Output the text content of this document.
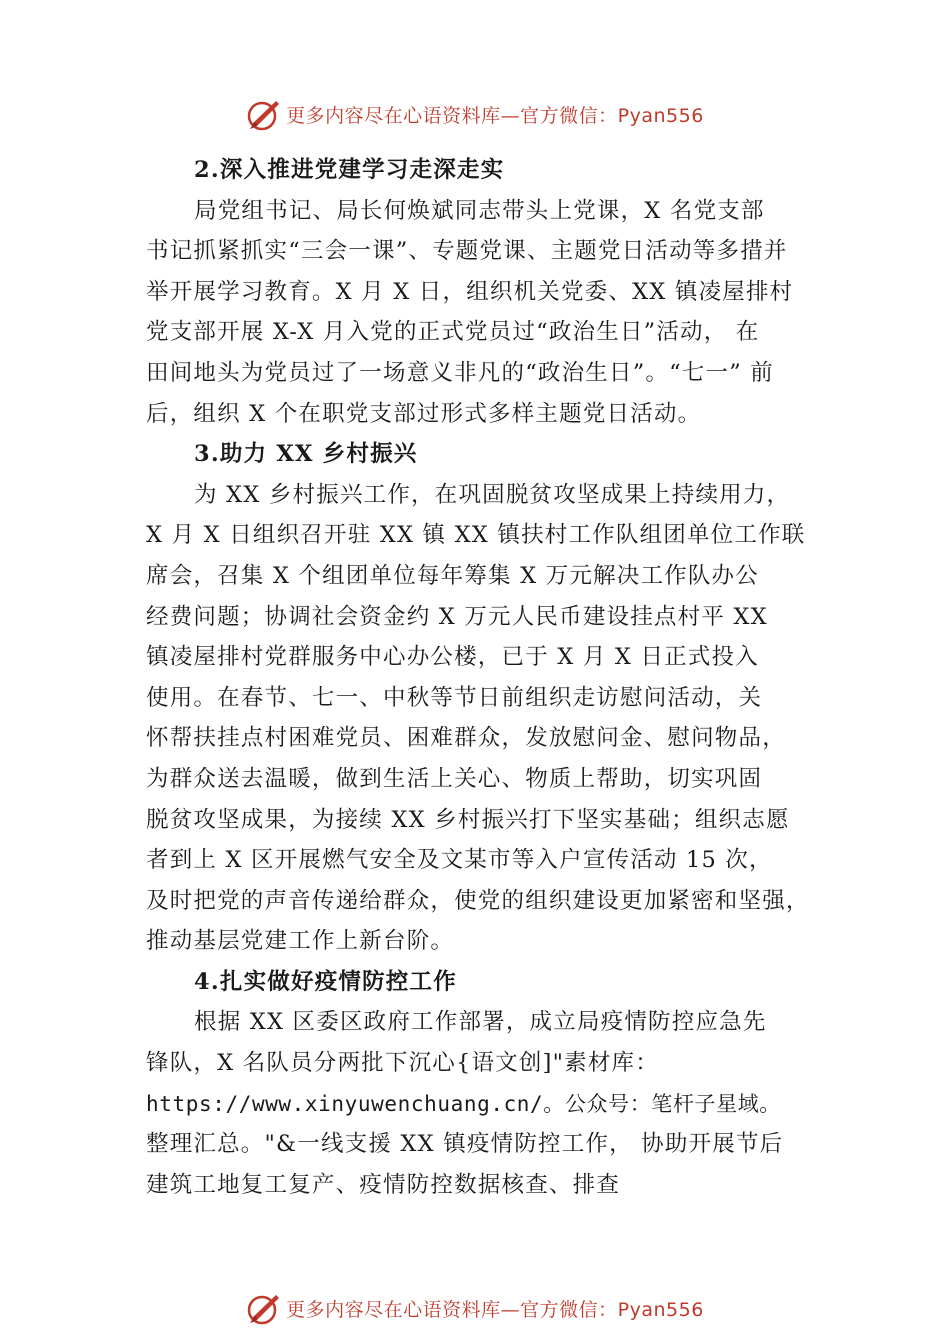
更多内容尽在心语资料库—官方微信：Pyan556
2.深入推进党建学习走深走实
局党组书记、局长何焕斌同志带头上党课，X 名党支部
书记抓紧抓实“三会一课”、专题党课、主题党日活动等多措并
举开展学习教育。X 月 X 日，组织机关党委、XX 镇凌屋排村
党支部开展 X-X 月入党的正式党员过“政治生日”活动， 在
田间地头为党员过了一场意义非凡的“政治生日”。“七一” 前
后，组织 X 个在职党支部过形式多样主题党日活动。
3.助力 XX 乡村振兴
为 XX 乡村振兴工作，在巩固脱贫攻坚成果上持续用力，
X 月 X 日组织召开驻 XX 镇 XX 镇扶村工作队组团单位工作联
席会，召集 X 个组团单位每年筹集 X 万元解决工作队办公
经费问题；协调社会资金约 X 万元人民币建设挂点村平 XX
镇凌屋排村党群服务中心办公楼，已于 X 月 X 日正式投入
使用。在春节、七一、中秋等节日前组织走访慰问活动，关
怀帮扶挂点村困难党员、困难群众，发放慰问金、慰问物品，
为群众送去温暖，做到生活上关心、物质上帮助，切实巩固
脱贫攻坚成果，为接续 XX 乡村振兴打下坚实基础；组织志愿
者到上 X 区开展燃气安全及文某市等入户宣传活动 15 次，
及时把党的声音传递给群众，使党的组织建设更加紧密和坚强，
推动基层党建工作上新台阶。
4.扎实做好疫情防控工作
根据 XX 区委区政府工作部署，成立局疫情防控应急先
锋队，X 名队员分两批下沉心{语文创]"素材库：
https://www.xinyuwenchuang.cn/。公众号：笔杆子星域。
整理汇总。"&一线支援 XX 镇疫情防控工作， 协助开展节后
建筑工地复工复产、疫情防控数据核查、排查
更多内容尽在心语资料库—官方微信：Pyan556
